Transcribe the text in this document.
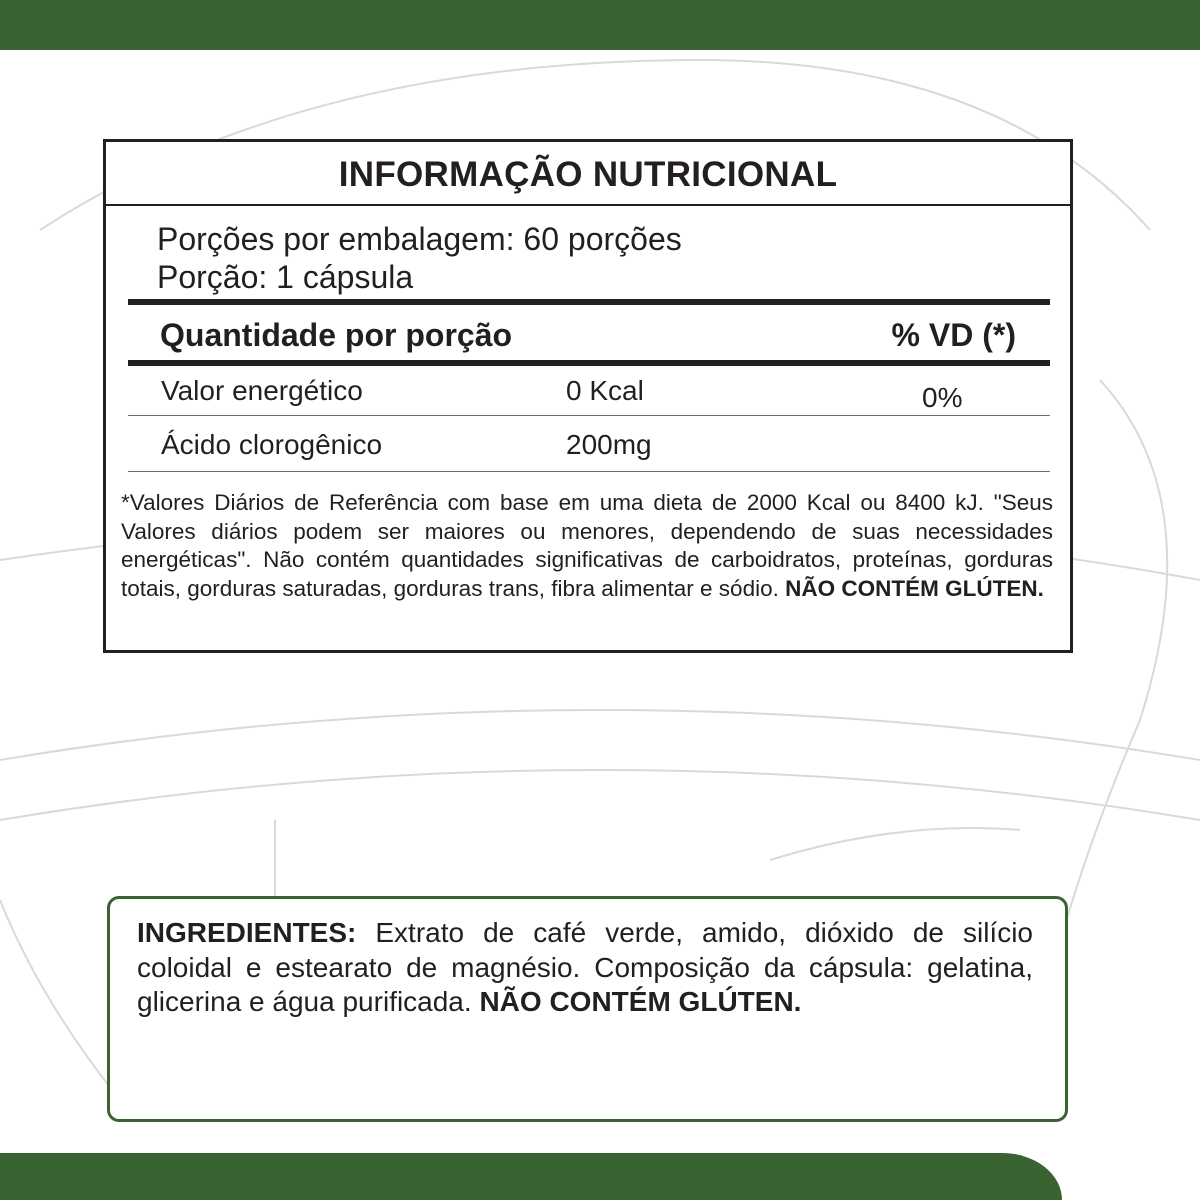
INFORMAÇÃO NUTRICIONAL
Porções por embalagem: 60 porções
Porção: 1 cápsula
Quantidade por porção	% VD (*)
Valor energético	0 Kcal	0%
Ácido clorogênico	200mg
*Valores Diários de Referência com base em uma dieta de 2000 Kcal ou 8400 kJ. "Seus Valores diários podem ser maiores ou menores, dependendo de suas necessidades energéticas". Não contém quantidades significativas de carboidratos, proteínas, gorduras totais, gorduras saturadas, gorduras trans, fibra alimentar e sódio. NÃO CONTÉM GLÚTEN.
INGREDIENTES: Extrato de café verde, amido, dióxido de silício coloidal e estearato de magnésio. Composição da cápsula: gelatina, glicerina e água purificada. NÃO CONTÉM GLÚTEN.
